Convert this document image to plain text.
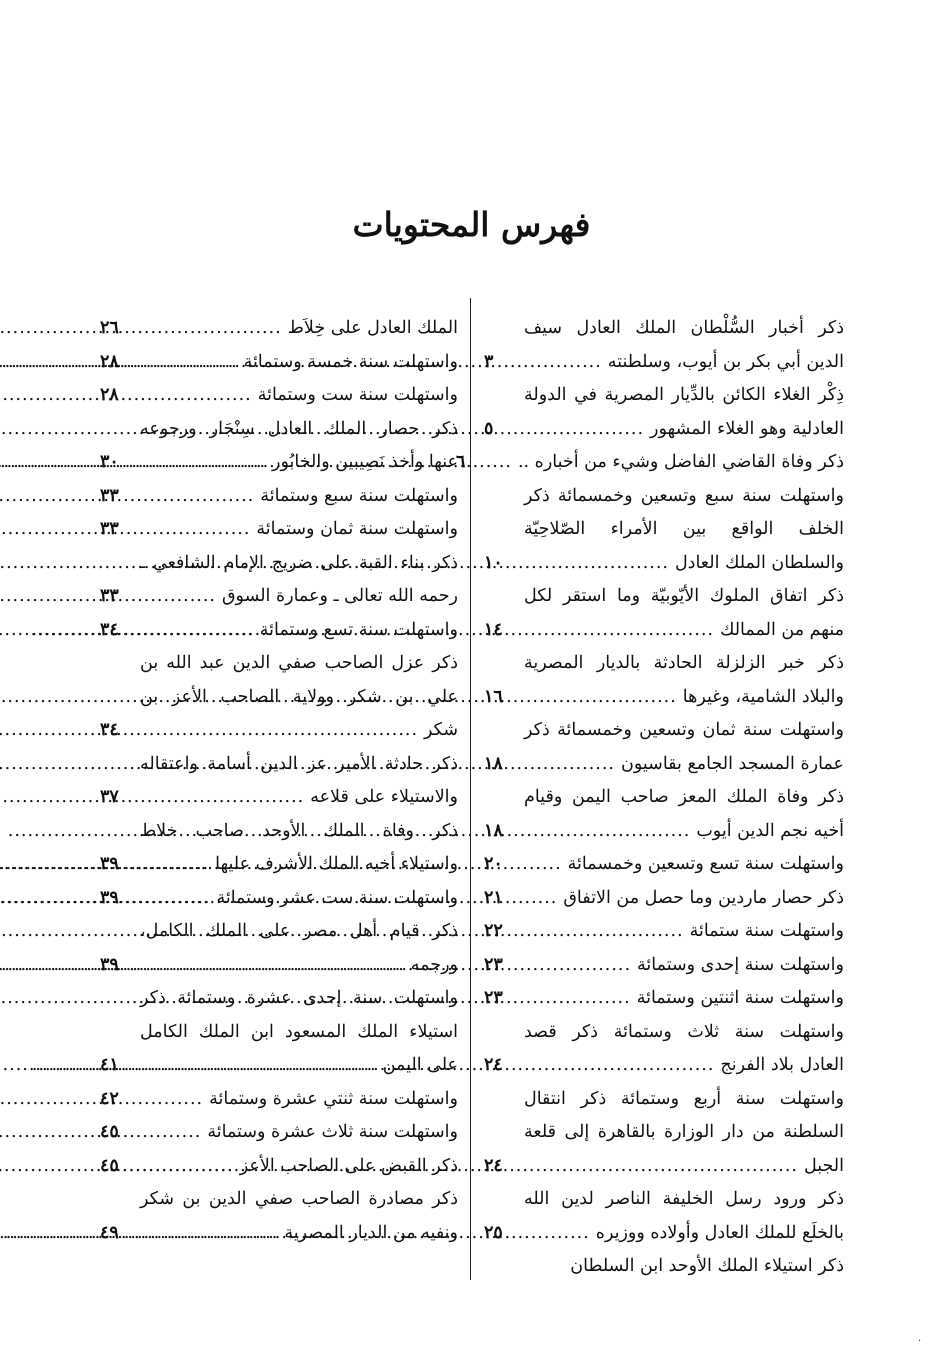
فهرس المحتويات
ذكر أخبار السُّلْطان الملك العادل سيف
الدين أبي بكر بن أيوب، وسلطنته
.....
٣
ذِكْر الغلاء الكائن بالدِّيار المصرية في الدولة
العادلية وهو الغلاء المشهور
.....
٥
ذكر وفاة القاضي الفاضل وشيء من أخباره ..
.....
٦
واستهلت سنة سبع وتسعين وخمسمائة ذكر
الخلف الواقع بين الأمراء الصّلاحِيّة
والسلطان الملك العادل
.....
١٠
ذكر اتفاق الملوك الأيّوبيّة وما استقر لكل
منهم من الممالك
.....
١٤
ذكر خبر الزلزلة الحادثة بالديار المصرية
والبلاد الشامية، وغيرها
.....
١٦
واستهلت سنة ثمان وتسعين وخمسمائة ذكر
عمارة المسجد الجامع بقاسيون
.....
١٨
ذكر وفاة الملك المعز صاحب اليمن وقيام
أخيه نجم الدين أيوب
.....
١٨
واستهلت سنة تسع وتسعين وخمسمائة
.....
٢٠
ذكر حصار ماردين وما حصل من الاتفاق
.....
٢١
واستهلت سنة ستمائة
.....
٢٢
واستهلت سنة إحدى وستمائة
.....
٢٣
واستهلت سنة اثنتين وستمائة
.....
٢٣
واستهلت سنة ثلاث وستمائة ذكر قصد
العادل بلاد الفرنج
.....
٢٤
واستهلت سنة أربع وستمائة ذكر انتقال
السلطنة من دار الوزارة بالقاهرة إلى قلعة
الجبل
.....
٢٤
ذكر ورود رسل الخليفة الناصر لدين الله
بالخلَع للملك العادل وأولاده ووزيره
.....
٢٥
ذكر استيلاء الملك الأوحد ابن السلطان
الملك العادل على خِلاَط
.....
٢٦
واستهلت سنة خمسة وستمائة
.....
٢٨
واستهلت سنة ست وستمائة
.....
٢٨
ذكر حصار الملك العادل سِنْجَار ورجوعه
عنها وأخذ نَصِيبين والخابُور
.....
٣٠
واستهلت سنة سبع وستمائة
.....
٣٣
واستهلت سنة ثمان وستمائة
.....
٣٣
ذكر بناء القبة على ضريح الإمام الشافعي ـ
رحمه الله تعالى ـ وعمارة السوق
.....
٣٣
واستهلت سنة تسع وستمائة
.....
٣٤
ذكر عزل الصاحب صفي الدين عبد الله بن
علي بن شكر وولاية الصاحب الأعز بن
شكر
.....
٣٤
ذكر حادثة الأمير عز الدين أسامة واعتقاله
والاستيلاء على قلاعه
.....
٣٧
ذكر وفاة الملك الأوحد صاحب خلاط
واستيلاء أخيه الملك الأشرف عليها
.....
٣٩
واستهلت سنة ست عشر وستمائة
.....
٣٩
ذكر قيام أهل مصر على الملك الكامل،
ورجمه
.....
٣٩
واستهلت سنة إحدى عشرة وستمائة ذكر
استيلاء الملك المسعود ابن الملك الكامل
على اليمن
.....
٤١
واستهلت سنة ثنتي عشرة وستمائة
.....
٤٢
واستهلت سنة ثلاث عشرة وستمائة
.....
٤٥
ذكر القبض على الصاحب الأعز
.....
٤٥
ذكر مصادرة الصاحب صفي الدين بن شكر
ونفيه من الديار المصرية
.....
٤٩
·
